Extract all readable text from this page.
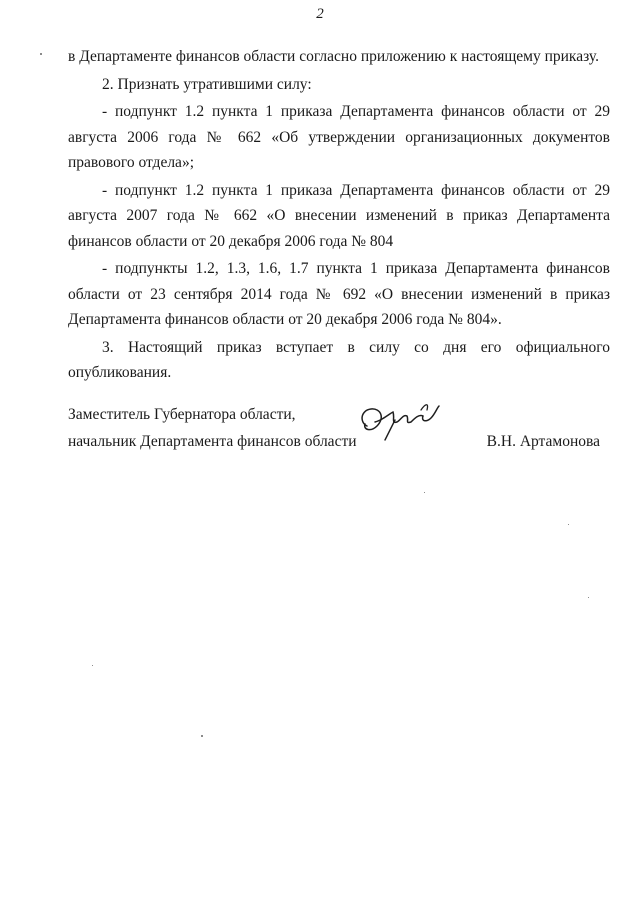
2

в Департаменте финансов области согласно приложению к настоящему приказу.

2. Признать утратившими силу:

- подпункт 1.2 пункта 1 приказа Департамента финансов области от 29 августа 2006 года № 662 «Об утверждении организационных документов правового отдела»;

- подпункт 1.2 пункта 1 приказа Департамента финансов области от 29 августа 2007 года № 662 «О внесении изменений в приказ Департамента финансов области от 20 декабря 2006 года № 804

- подпункты 1.2, 1.3, 1.6, 1.7 пункта 1 приказа Департамента финансов области от 23 сентября 2014 года № 692 «О внесении изменений в приказ Департамента финансов области от 20 декабря 2006 года № 804».

3. Настоящий приказ вступает в силу со дня его официального опубликования.

Заместитель Губернатора области,
начальник Департамента финансов области	В.Н. Артамонова
